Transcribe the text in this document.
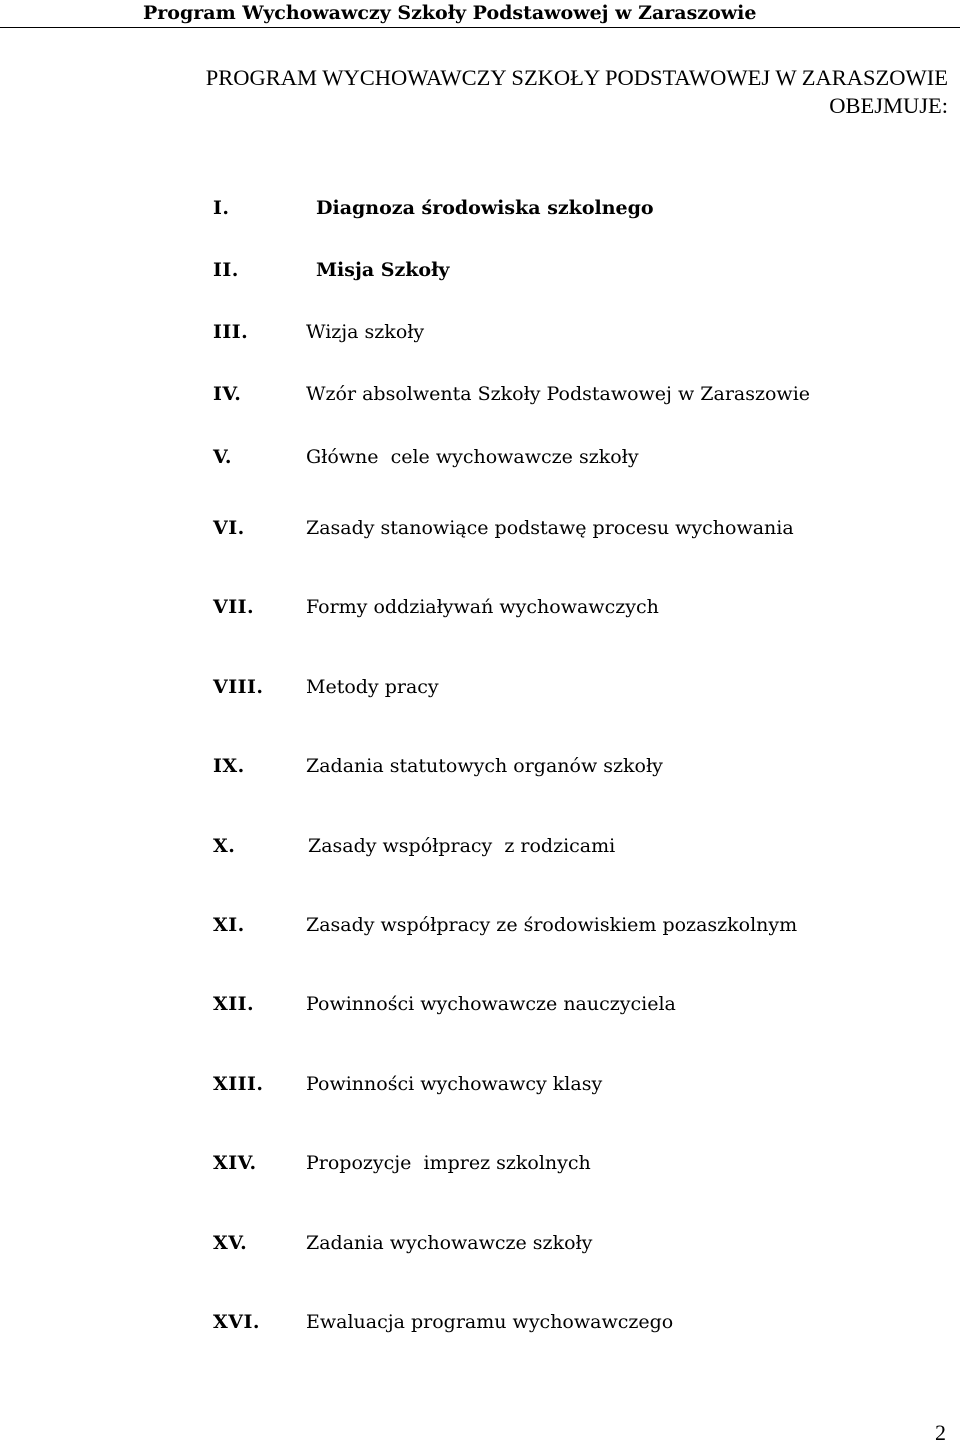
Program Wychowawczy Szkoły Podstawowej w Zaraszowie
PROGRAM WYCHOWAWCZY SZKOŁY PODSTAWOWEJ W ZARASZOWIE
OBEJMUJE:
I.	Diagnoza środowiska szkolnego
II.	Misja Szkoły
III.	Wizja szkoły
IV.	Wzór absolwenta Szkoły Podstawowej w Zaraszowie
V.	Główne  cele wychowawcze szkoły
VI.	Zasady stanowiące podstawę procesu wychowania
VII.	Formy oddziaływań wychowawczych
VIII. Metody pracy
IX.	Zadania statutowych organów szkoły
X.	Zasady współpracy  z rodzicami
XI.	Zasady współpracy ze środowiskiem pozaszkolnym
XII.	Powinności wychowawcze nauczyciela
XIII. Powinności wychowawcy klasy
XIV.	Propozycje  imprez szkolnych
XV.	Zadania wychowawcze szkoły
XVI. Ewaluacja programu wychowawczego
2
